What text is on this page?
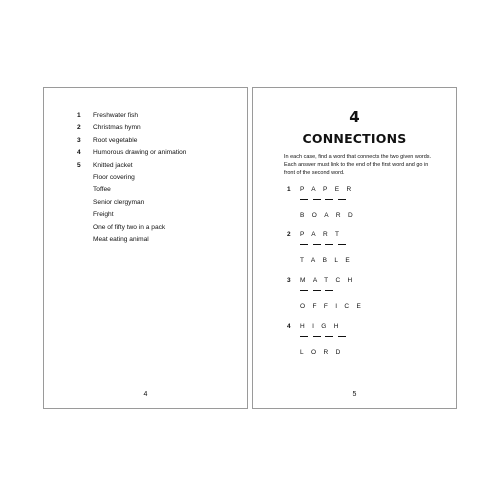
1	Freshwater fish
2	Christmas hymn
3	Root vegetable
4	Humorous drawing or animation
5	Knitted jacket
Floor covering
Toffee
Senior clergyman
Freight
One of fifty two in a pack
Meat eating animal
4
4
CONNECTIONS
In each case, find a word that connects the two given words. Each answer must link to the end of the first word and go in front of the second word.
1 PAPER
BOARD
2 PART
TABLE
3 MATCH
OFFICE
4 HIGH
LORD
5
